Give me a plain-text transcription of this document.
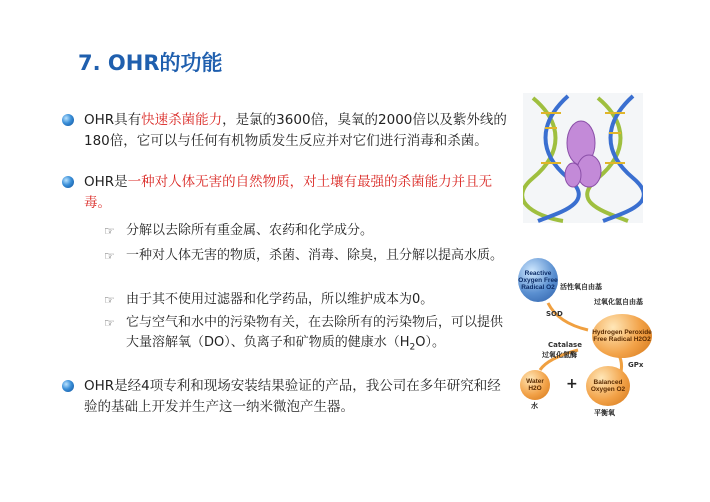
7. OHR的功能
OHR具有快速杀菌能力，是氯的3600倍，臭氧的2000倍以及紫外线的180倍，它可以与任何有机物质发生反应并对它们进行消毒和杀菌。
OHR是一种对人体无害的自然物质，对土壤有最强的杀菌能力并且无毒。
☞ 分解以去除所有重金属、农药和化学成分。
☞ 一种对人体无害的物质，杀菌、消毒、除臭，且分解以提高水质。
☞ 由于其不使用过滤器和化学药品，所以维护成本为0。
☞ 它与空气和水中的污染物有关，在去除所有的污染物后，可以提供大量溶解氧（DO）、负离子和矿物质的健康水$(H_2O)$。
OHR是经4项专利和现场安装结果验证的产品，我公司在多年研究和经验的基础上开发并生产这一纳米微泡产生器。
Reactive Oxygen Free Radical O2 活性氧自由基
SOD
过氧化氢自由基
Hydrogen Peroxide Free Radical H2O2
Catalase
过氧化氢酶
GPx
Water H2O
水
+	Balanced Oxygen O2
平衡氧
